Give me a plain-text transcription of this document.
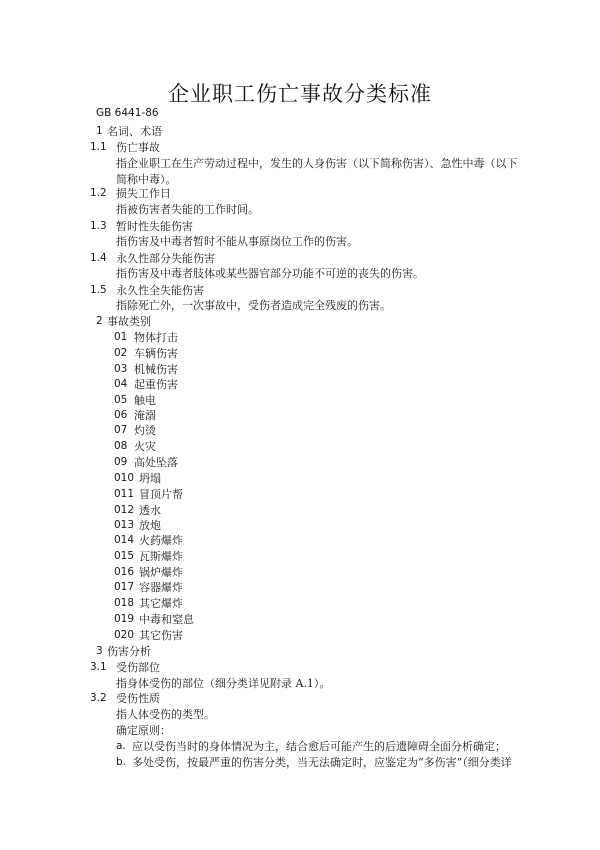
企业职工伤亡事故分类标准
GB 6441-86
1 名词、术语
1.1 伤亡事故
指企业职工在生产劳动过程中，发生的人身伤害（以下简称伤害）、急性中毒（以下简称中毒）。
1.2 损失工作日
指被伤害者失能的工作时间。
1.3 暂时性失能伤害
指伤害及中毒者暂时不能从事原岗位工作的伤害。
1.4 永久性部分失能伤害
指伤害及中毒者肢体或某些器官部分功能不可逆的丧失的伤害。
1.5 永久性全失能伤害
指除死亡外，一次事故中，受伤者造成完全残废的伤害。
2 事故类别
01 物体打击
02 车辆伤害
03 机械伤害
04 起重伤害
05 触电
06 淹溺
07 灼烫
08 火灾
09 高处坠落
010 坍塌
011 冒顶片帮
012 透水
013 放炮
014 火药爆炸
015 瓦斯爆炸
016 锅炉爆炸
017 容器爆炸
018 其它爆炸
019 中毒和窒息
020 其它伤害
3 伤害分析
3.1 受伤部位
指身体受伤的部位（细分类详见附录 A.1）。
3.2 受伤性质
指人体受伤的类型。
确定原则：
a. 应以受伤当时的身体情况为主，结合愈后可能产生的后遗障碍全面分析确定；
b. 多处受伤，按最严重的伤害分类，当无法确定时，应鉴定为“多伤害”（细分类详
